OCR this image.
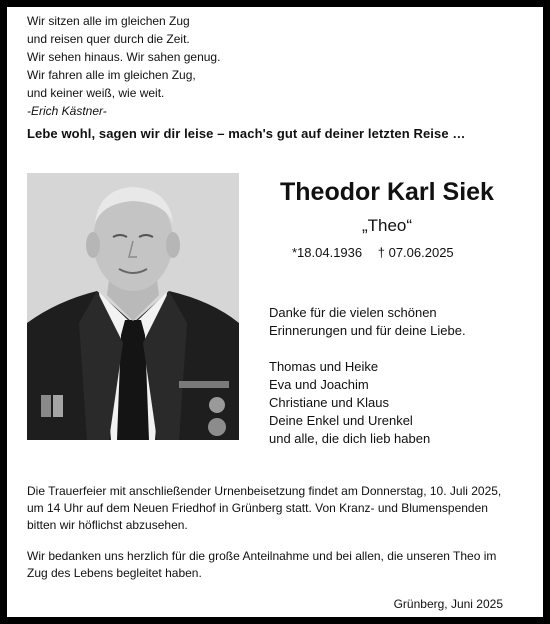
Wir sitzen alle im gleichen Zug
und reisen quer durch die Zeit.
Wir sehen hinaus. Wir sahen genug.
Wir fahren alle im gleichen Zug,
und keiner weiß, wie weit.
-Erich Kästner-
Lebe wohl, sagen wir dir leise – mach's gut auf deiner letzten Reise …
Theodor Karl Siek
„Theo“
*18.04.1936 † 07.06.2025
Danke für die vielen schönen
Erinnerungen und für deine Liebe.
Thomas und Heike
Eva und Joachim
Christiane und Klaus
Deine Enkel und Urenkel
und alle, die dich lieb haben
Die Trauerfeier mit anschließender Urnenbeisetzung findet am Donnerstag, 10. Juli 2025,
um 14 Uhr auf dem Neuen Friedhof in Grünberg statt. Von Kranz- und Blumenspenden
bitten wir höflichst abzusehen.
Wir bedanken uns herzlich für die große Anteilnahme und bei allen, die unseren Theo im
Zug des Lebens begleitet haben.
Grünberg, Juni 2025
